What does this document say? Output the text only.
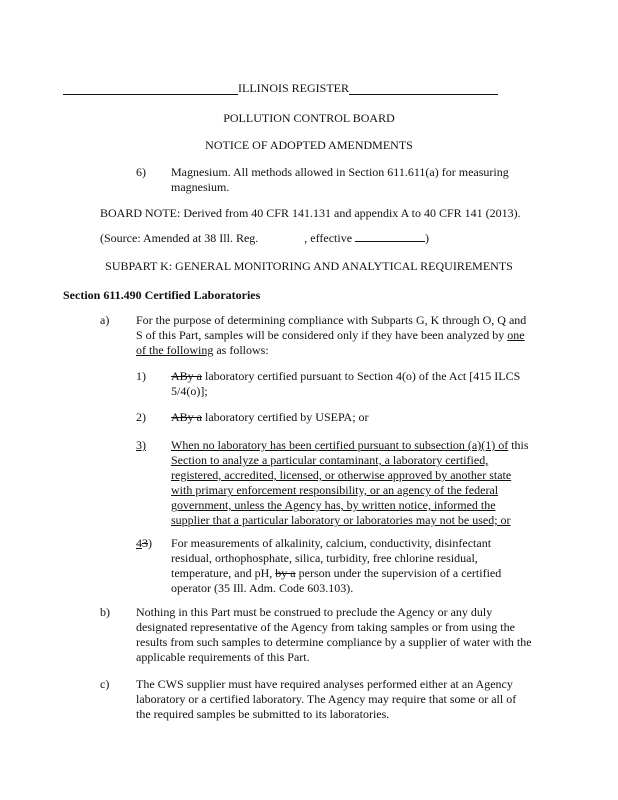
ILLINOIS REGISTER
POLLUTION CONTROL BOARD
NOTICE OF ADOPTED AMENDMENTS
6) Magnesium. All methods allowed in Section 611.611(a) for measuring magnesium.
BOARD NOTE: Derived from 40 CFR 141.131 and appendix A to 40 CFR 141 (2013).
(Source: Amended at 38 Ill. Reg.	, effective	)
SUBPART K: GENERAL MONITORING AND ANALYTICAL REQUIREMENTS
Section 611.490 Certified Laboratories
a) For the purpose of determining compliance with Subparts G, K through O, Q and S of this Part, samples will be considered only if they have been analyzed by one of the following as follows:
1) ABy a laboratory certified pursuant to Section 4(o) of the Act [415 ILCS 5/4(o)];
2) ABy a laboratory certified by USEPA; or
3) When no laboratory has been certified pursuant to subsection (a)(1) of this Section to analyze a particular contaminant, a laboratory certified, registered, accredited, licensed, or otherwise approved by another state with primary enforcement responsibility, or an agency of the federal government, unless the Agency has, by written notice, informed the supplier that a particular laboratory or laboratories may not be used; or
43) For measurements of alkalinity, calcium, conductivity, disinfectant residual, orthophosphate, silica, turbidity, free chlorine residual, temperature, and pH, by a person under the supervision of a certified operator (35 Ill. Adm. Code 603.103).
b) Nothing in this Part must be construed to preclude the Agency or any duly designated representative of the Agency from taking samples or from using the results from such samples to determine compliance by a supplier of water with the applicable requirements of this Part.
c) The CWS supplier must have required analyses performed either at an Agency laboratory or a certified laboratory. The Agency may require that some or all of the required samples be submitted to its laboratories.
